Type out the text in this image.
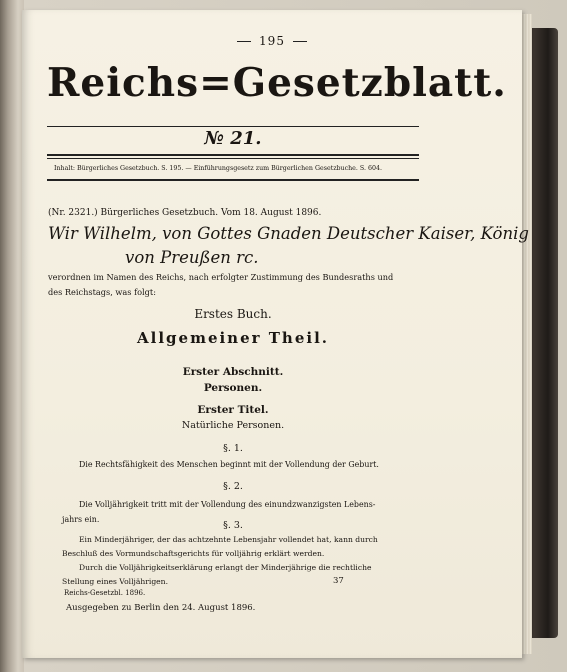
195
Reichs=Gesetzblatt.
№ 21.
Inhalt: Bürgerliches Gesetzbuch. S. 195. — Einführungsgesetz zum Bürgerlichen Gesetzbuche. S. 604.
(Nr. 2321.) Bürgerliches Gesetzbuch. Vom 18. August 1896.
Wir Wilhelm, von Gottes Gnaden Deutscher Kaiser, König
von Preußen rc.
verordnen im Namen des Reichs, nach erfolgter Zustimmung des Bundesraths und
des Reichstags, was folgt:
Erstes Buch.
Allgemeiner Theil.
Erster Abschnitt.
Personen.
Erster Titel.
Natürliche Personen.
§. 1.
Die Rechtsfähigkeit des Menschen beginnt mit der Vollendung der Geburt.
§. 2.
Die Volljährigkeit tritt mit der Vollendung des einundzwanzigsten Lebens-
jahrs ein.
§. 3.
Ein Minderjähriger, der das achtzehnte Lebensjahr vollendet hat, kann durch
Beschluß des Vormundschaftsgerichts für volljährig erklärt werden.
Durch die Volljährigkeitserklärung erlangt der Minderjährige die rechtliche
Stellung eines Volljährigen.
Reichs-Gesetzbl. 1896.
37
Ausgegeben zu Berlin den 24. August 1896.
